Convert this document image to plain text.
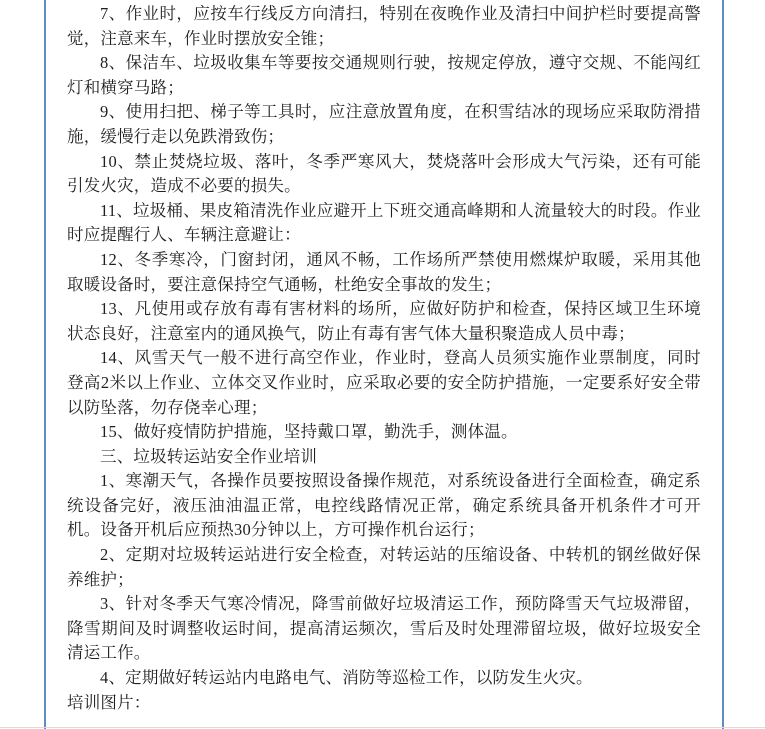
7、作业时，应按车行线反方向清扫，特别在夜晚作业及清扫中间护栏时要提高警觉，注意来车，作业时摆放安全锥；

8、保洁车、垃圾收集车等要按交通规则行驶，按规定停放，遵守交规、不能闯红灯和横穿马路；

9、使用扫把、梯子等工具时，应注意放置角度，在积雪结冰的现场应采取防滑措施，缓慢行走以免跌滑致伤；

10、禁止焚烧垃圾、落叶，冬季严寒风大，焚烧落叶会形成大气污染，还有可能引发火灾，造成不必要的损失。

11、垃圾桶、果皮箱清洗作业应避开上下班交通高峰期和人流量较大的时段。作业时应提醒行人、车辆注意避让：

12、冬季寒冷，门窗封闭，通风不畅，工作场所严禁使用燃煤炉取暖，采用其他取暖设备时，要注意保持空气通畅，杜绝安全事故的发生；

13、凡使用或存放有毒有害材料的场所，应做好防护和检查，保持区域卫生环境状态良好，注意室内的通风换气，防止有毒有害气体大量积聚造成人员中毒；

14、风雪天气一般不进行高空作业，作业时，登高人员须实施作业票制度，同时登高2米以上作业、立体交叉作业时，应采取必要的安全防护措施，一定要系好安全带以防坠落，勿存侥幸心理；

15、做好疫情防护措施，坚持戴口罩，勤洗手，测体温。

三、垃圾转运站安全作业培训

1、寒潮天气，各操作员要按照设备操作规范，对系统设备进行全面检查，确定系统设备完好，液压油油温正常，电控线路情况正常，确定系统具备开机条件才可开机。设备开机后应预热30分钟以上，方可操作机台运行；

2、定期对垃圾转运站进行安全检查，对转运站的压缩设备、中转机的钢丝做好保养维护；

3、针对冬季天气寒冷情况，降雪前做好垃圾清运工作，预防降雪天气垃圾滞留，降雪期间及时调整收运时间，提高清运频次，雪后及时处理滞留垃圾，做好垃圾安全清运工作。

4、定期做好转运站内电路电气、消防等巡检工作，以防发生火灾。

培训图片：
